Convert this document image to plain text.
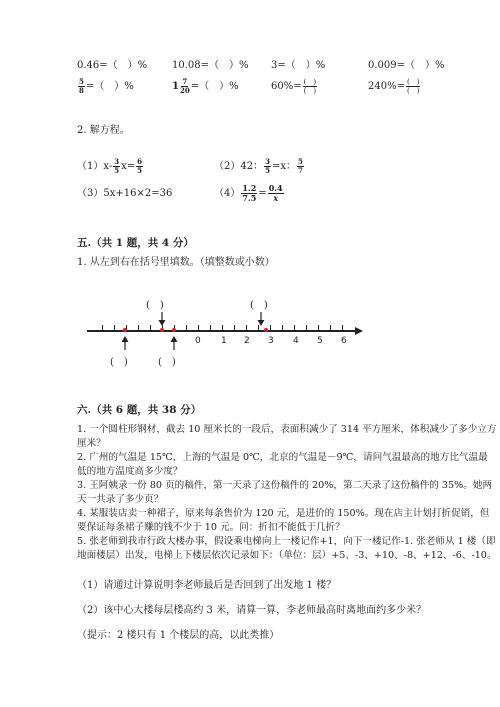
0.46=（　）% 10.08=（　）% 3=（　）%	0.009=（　）%
$\frac{5}{8}$ =（　）%	$1 \frac{7}{20}$ =（　）%	$60\%= \frac{( )}{( )}$	$240\%= \frac{( )}{( )}$
2. 解方程。
$(1)x- \frac{3}{5} x= \frac{6}{5}$	（2）42： $\frac{3}{5} =x$： $\frac{5}{7}$
（3）5x+16×2=36	$(4) \frac{1.2}{7.5} = \frac{0.4}{x}$
五.（共 1 题，共 4 分）
1. 从左到右在括号里填数。（填整数或小数）
0 1 2 3 4 5 6
(　)	(　)
(　)	(　)
六.（共 6 题，共 38 分）
1. 一个圆柱形钢材，截去 10 厘米长的一段后，表面积减少了 314 平方厘米，体积减少了多少立方厘米？
2. 广州的气温是 15℃，上海的气温是 0℃，北京的气温是－9℃，请问气温最高的地方比气温最低的地方温度高多少度？
3. 王阿姨录一份 80 页的稿件，第一天录了这份稿件的 20%，第二天录了这份稿件的 35%。她两天一共录了多少页？
4. 某服装店卖一种裙子，原来每条售价为 120 元，是进价的 150%。现在店主计划打折促销，但要保证每条裙子赚的钱不少于 10 元。问：折扣不能低于几折？
5. 张老师到我市行政大楼办事，假设乘电梯向上一楼记作+1，向下一楼记作-1. 张老师从 1 楼（即地面楼层）出发，电梯上下楼层依次记录如下：（单位：层）+5、-3、+10、-8、+12、-6、-10。
（1）请通过计算说明李老师最后是否回到了出发地 1 楼？
（2）该中心大楼每层楼高约 3 米，请算一算，李老师最高时离地面约多少米？
（提示：2 楼只有 1 个楼层的高，以此类推）
